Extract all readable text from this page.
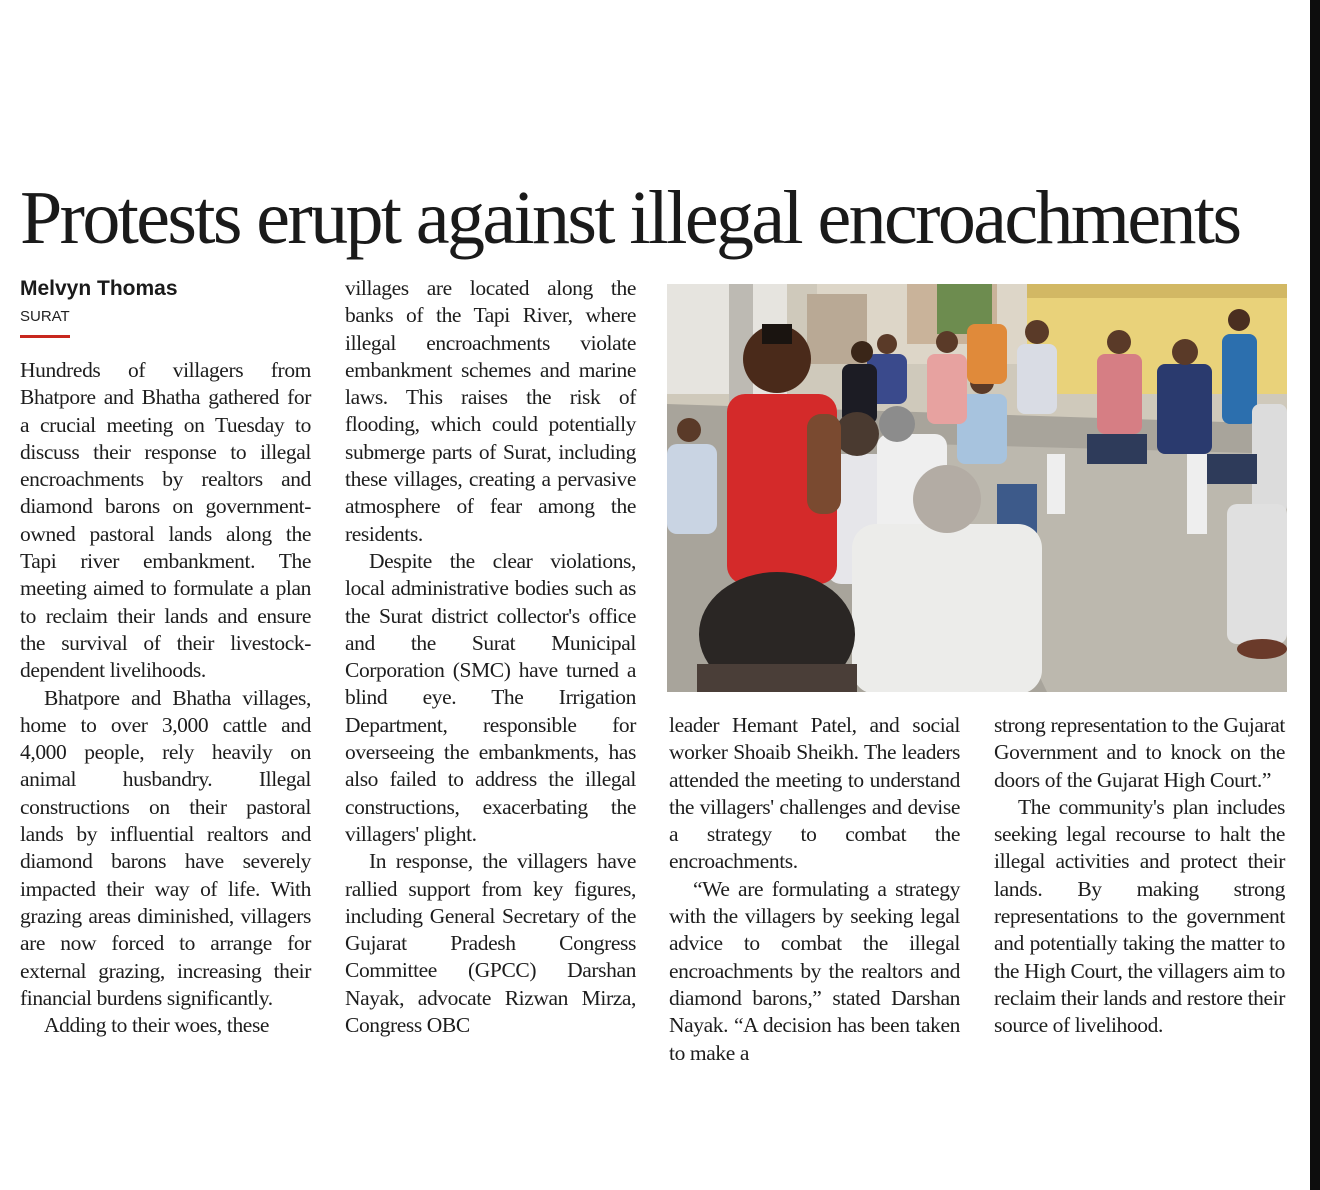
Protests erupt against illegal encroachments
Melvyn Thomas
SURAT

Hundreds of villagers from Bhatpore and Bhatha gathered for a crucial meeting on Tuesday to discuss their response to illegal encroachments by realtors and diamond barons on government-owned pastoral lands along the Tapi river embankment. The meeting aimed to formulate a plan to reclaim their lands and ensure the survival of their livestock-dependent livelihoods.

Bhatpore and Bhatha villages, home to over 3,000 cattle and 4,000 people, rely heavily on animal husbandry. Illegal constructions on their pastoral lands by influential realtors and diamond barons have severely impacted their way of life. With grazing areas diminished, villagers are now forced to arrange for external grazing, increasing their financial burdens significantly.

Adding to their woes, these

villages are located along the banks of the Tapi River, where illegal encroachments violate embankment schemes and marine laws. This raises the risk of flooding, which could potentially submerge parts of Surat, including these villages, creating a pervasive atmosphere of fear among the residents.

Despite the clear violations, local administrative bodies such as the Surat district collector's office and the Surat Municipal Corporation (SMC) have turned a blind eye. The Irrigation Department, responsible for overseeing the embankments, has also failed to address the illegal constructions, exacerbating the villagers' plight.

In response, the villagers have rallied support from key figures, including General Secretary of the Gujarat Pradesh Congress Committee (GPCC) Darshan Nayak, advocate Rizwan Mirza, Congress OBC

leader Hemant Patel, and social worker Shoaib Sheikh. The leaders attended the meeting to understand the villagers' challenges and devise a strategy to combat the encroachments.

“We are formulating a strategy with the villagers by seeking legal advice to combat the illegal encroachments by the realtors and diamond barons,” stated Darshan Nayak. “A decision has been taken to make a

strong representation to the Gujarat Government and to knock on the doors of the Gujarat High Court.”

The community's plan includes seeking legal recourse to halt the illegal activities and protect their lands. By making strong representations to the government and potentially taking the matter to the High Court, the villagers aim to reclaim their lands and restore their source of livelihood.
